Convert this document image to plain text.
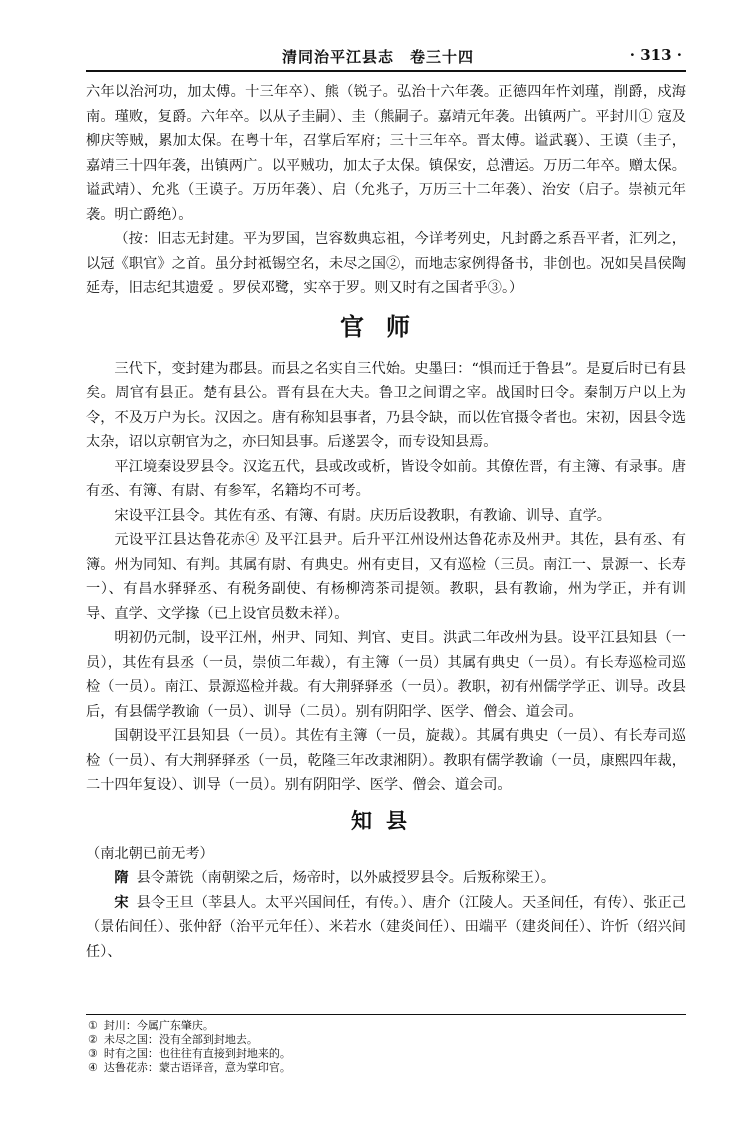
清同治平江县志　卷三十四	· 313 ·

六年以治河功，加太傅。十三年卒）、熊（锐子。弘治十六年袭。正德四年忤刘瑾，削爵，戍海南。瑾败，复爵。六年卒。以从子圭嗣）、圭（熊嗣子。嘉靖元年袭。出镇两广。平封川① 寇及柳庆等贼，累加太保。在粤十年，召掌后军府；三十三年卒。晋太傅。谥武襄）、王谟（圭子，嘉靖三十四年袭，出镇两广。以平贼功，加太子太保。镇保安，总漕运。万历二年卒。赠太保。谥武靖）、允兆（王谟子。万历年袭）、启（允兆子，万历三十二年袭）、治安（启子。崇祯元年袭。明亡爵绝）。

（按：旧志无封建。平为罗国，岂容数典忘祖，今详考列史，凡封爵之系吾平者，汇列之，以冠《职官》之首。虽分封祗锡空名，未尽之国②，而地志家例得备书，非创也。况如吴昌侯陶延寿，旧志纪其遗爱 。罗侯邓鹭，实卒于罗。则又时有之国者乎③。）

官师

三代下，变封建为郡县。而县之名实自三代始。史墨曰：“惧而迁于鲁县”。是夏后时已有县矣。周官有县正。楚有县公。晋有县在大夫。鲁卫之间谓之宰。战国时曰令。秦制万户以上为令，不及万户为长。汉因之。唐有称知县事者，乃县令缺，而以佐官摄令者也。宋初，因县令选太杂，诏以京朝官为之，亦曰知县事。后遂罢令，而专设知县焉。

平江境秦设罗县令。汉迄五代，县或改或析，皆设令如前。其僚佐晋，有主簿、有录事。唐有丞、有簿、有尉、有参军，名籍均不可考。

宋设平江县令。其佐有丞、有簿、有尉。庆历后设教职，有教谕、训导、直学。

元设平江县达鲁花赤④ 及平江县尹。后升平江州设州达鲁花赤及州尹。其佐，县有丞、有簿。州为同知、有判。其属有尉、有典史。州有吏目，又有巡检（三员。南江一、景源一、长寿一）、有昌水驿驿丞、有税务副使、有杨柳湾茶司提领。教职，县有教谕，州为学正，并有训导、直学、文学掾（已上设官员数未祥）。

明初仍元制，设平江州，州尹、同知、判官、吏目。洪武二年改州为县。设平江县知县（一员），其佐有县丞（一员，崇侦二年裁），有主簿（一员）其属有典史（一员）。有长寿巡检司巡检（一员）。南江、景源巡检并裁。有大荆驿驿丞（一员）。教职，初有州儒学学正、训导。改县后，有县儒学教谕（一员）、训导（二员）。别有阴阳学、医学、僧会、道会司。

国朝设平江县知县（一员）。其佐有主簿（一员，旋裁）。其属有典史（一员）、有长寿司巡检（一员）、有大荆驿驿丞（一员，乾隆三年改隶湘阴）。教职有儒学教谕（一员，康熙四年裁，二十四年复设）、训导（一员）。别有阴阳学、医学、僧会、道会司。

知县

（南北朝已前无考）

隋 县令萧铣（南朝梁之后，炀帝时，以外戚授罗县令。后叛称梁王）。

宋 县令王旦（莘县人。太平兴国间任，有传。）、唐介（江陵人。天圣间任，有传）、张正己（景佑间任）、张仲舒（治平元年任）、米若水（建炎间任）、田端平（建炎间任）、许忻（绍兴间任）、

① 封川：今属广东肇庆。

② 未尽之国：没有全部到封地去。

③ 时有之国：也往往有直接到封地来的。

④ 达鲁花赤：蒙古语译音，意为掌印官。
